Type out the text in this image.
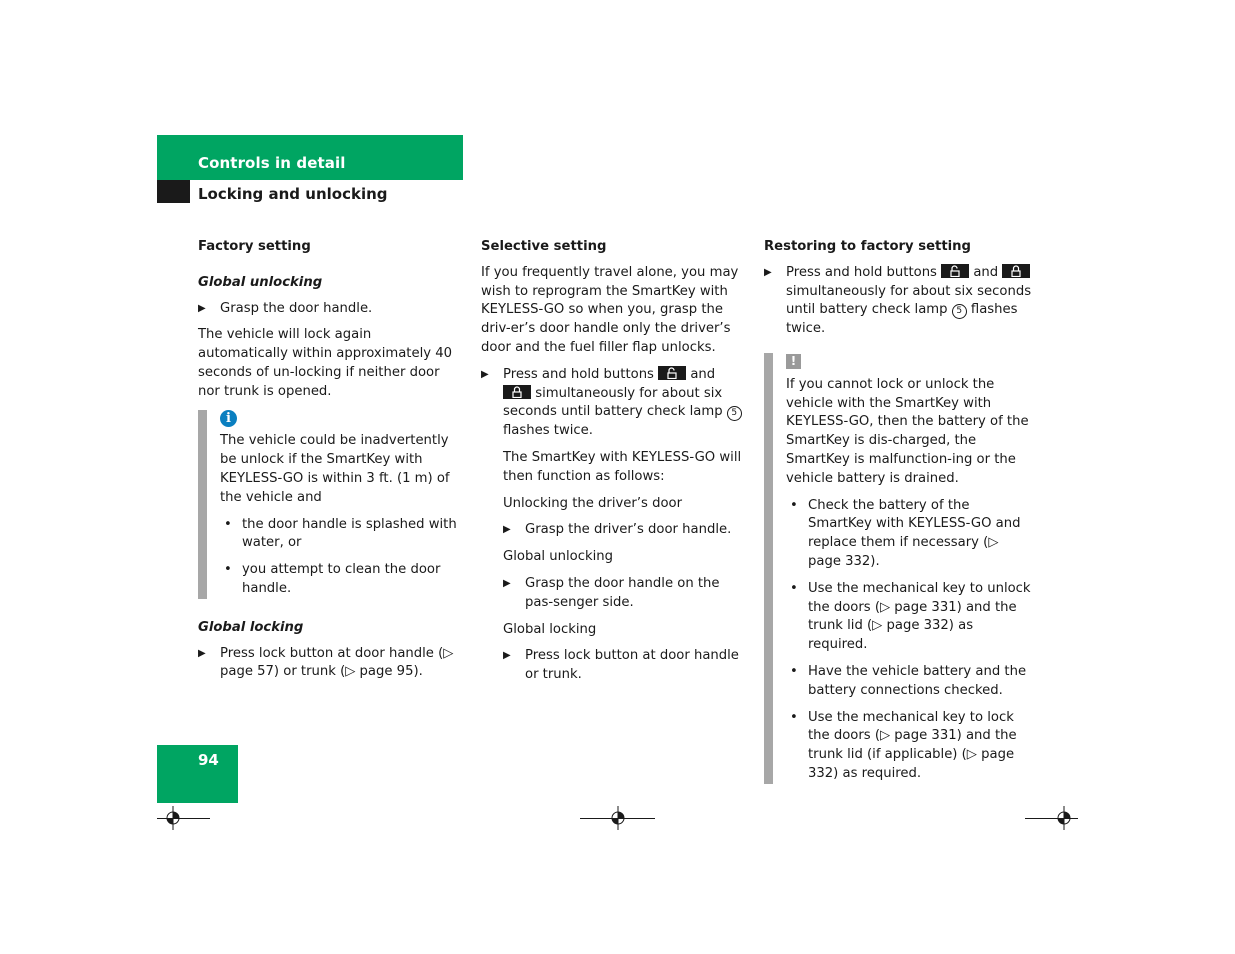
Controls in detail
Locking and unlocking
Factory setting
Global unlocking
▶ Grasp the door handle.

The vehicle will lock again automatically within approximately 40 seconds of un-locking if neither door nor trunk is opened.

i

The vehicle could be inadvertently be unlock if the SmartKey with KEYLESS-GO is within 3 ft. (1 m) of the vehicle and

• the door handle is splashed with water, or
• you attempt to clean the door handle.
Global locking
▶ Press lock button at door handle (▷ page 57) or trunk (▷ page 95).
Selective setting

If you frequently travel alone, you may wish to reprogram the SmartKey with KEYLESS-GO so when you, grasp the driv-er’s door handle only the driver’s door and the fuel filler flap unlocks.

▶ Press and hold buttons	and
simultaneously for about six seconds until battery check lamp 5 flashes twice.

The SmartKey with KEYLESS-GO will then function as follows:

Unlocking the driver’s door

▶ Grasp the driver’s door handle.

Global unlocking

▶ Grasp the door handle on the pas-senger side.

Global locking

▶ Press lock button at door handle or trunk.
Restoring to factory setting
▶ Press and hold buttons	and
simultaneously for about six seconds until battery check lamp 5 flashes twice.
!

If you cannot lock or unlock the vehicle with the SmartKey with KEYLESS-GO, then the battery of the SmartKey is dis-charged, the SmartKey is malfunction-ing or the vehicle battery is drained.

• Check the battery of the SmartKey with KEYLESS-GO and replace them if necessary (▷ page 332).
• Use the mechanical key to unlock the doors (▷ page 331) and the trunk lid (▷ page 332) as required.
• Have the vehicle battery and the battery connections checked.
• Use the mechanical key to lock the doors (▷ page 331) and the trunk lid (if applicable) (▷ page 332) as required.
94
